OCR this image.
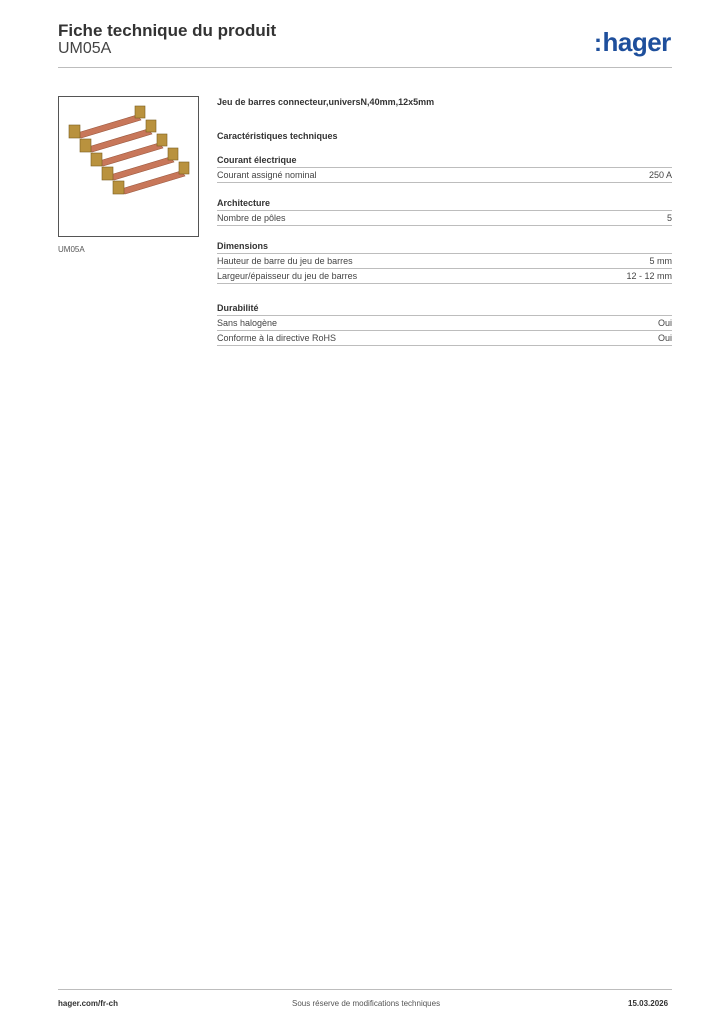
Fiche technique du produit
UM05A	:hager
UM05A
Jeu de barres connecteur,universN,40mm,12x5mm
Caractéristiques techniques
Courant électrique
Courant assigné nominal	250 A
Architecture
Nombre de pôles	5
Dimensions
Hauteur de barre du jeu de barres	5 mm
Largeur/épaisseur du jeu de barres	12 - 12 mm
Durabilité
Sans halogène	Oui
Conforme à la directive RoHS	Oui
hager.com/fr-ch	Sous réserve de modifications techniques	15.03.2026
